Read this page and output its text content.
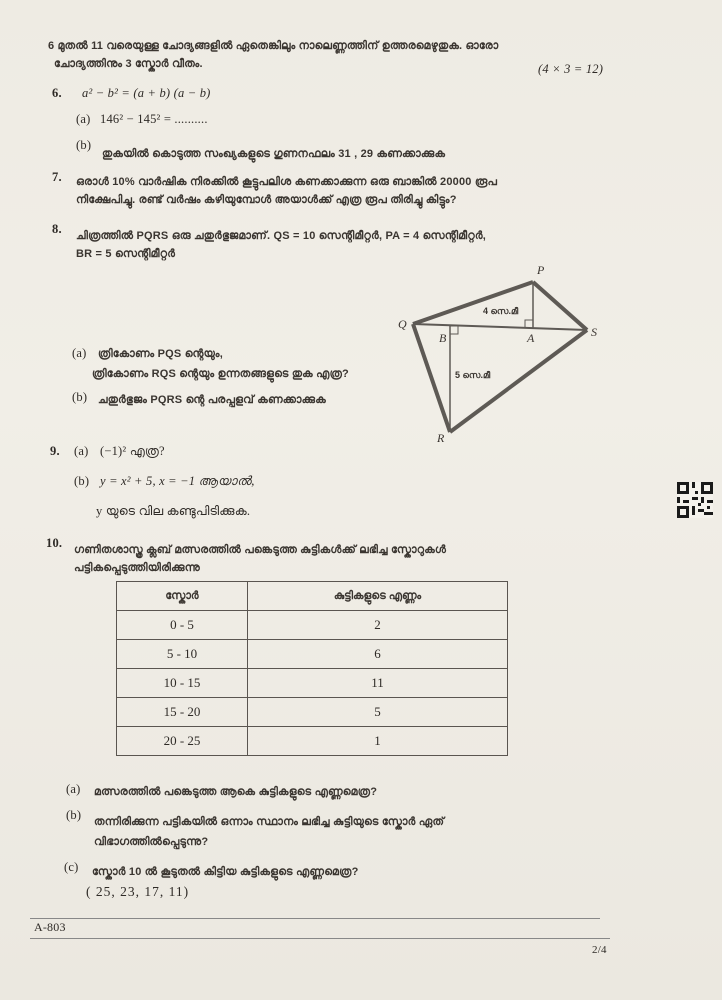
6 മുതൽ 11 വരെയുള്ള ചോദ്യങ്ങളിൽ ഏതെങ്കിലും നാലെണ്ണത്തിന് ഉത്തരമെഴുതുക. ഓരോ
ചോദ്യത്തിനും 3 സ്കോർ വീതം.	(4 × 3 = 12)
6. a² − b² = (a + b) (a − b)
(a) 146² − 145² = ..........
(b)
തുകയിൽ കൊടുത്ത സംഖ്യകളുടെ ഗുണനഫലം 31 , 29 കണക്കാക്കുക
7. ഒരാൾ 10% വാർഷിക നിരക്കിൽ കൂട്ടുപലിശ കണക്കാക്കുന്ന ഒരു ബാങ്കിൽ 20000 രൂപ
നിക്ഷേപിച്ചു. രണ്ട് വർഷം കഴിയുമ്പോൾ അയാൾക്ക് എത്ര രൂപ തിരിച്ചു കിട്ടും?
8. ചിത്രത്തിൽ PQRS ഒരു ചതുർഭുജമാണ്. QS = 10 സെന്റിമീറ്റർ, PA = 4 സെന്റിമീറ്റർ,
BR = 5 സെന്റിമീറ്റർ
(a) ത്രികോണം PQS ന്റെയും,
ത്രികോണം RQS ന്റെയും ഉന്നതങ്ങളുടെ തുക എത്ര?
(b) ചതുർഭുജം PQRS ന്റെ പരപ്പളവ് കണക്കാക്കുക
P
Q
S
R
A
B
4 സെ.മീ
5 സെ.മീ
9. (a) (−1)² എത്ര?
(b) y = x² + 5, x = −1 ആയാൽ,
y യുടെ വില കണ്ടുപിടിക്കുക.
10. ഗണിതശാസ്ത്ര ക്ലബ് മത്സരത്തിൽ പങ്കെടുത്ത കുട്ടികൾക്ക് ലഭിച്ച സ്കോറുകൾ
പട്ടികപ്പെടുത്തിയിരിക്കുന്നു
സ്കോർ	കുട്ടികളുടെ എണ്ണം
0 - 5	2
5 - 10	6
10 - 15	11
15 - 20	5
20 - 25	1
(a) മത്സരത്തിൽ പങ്കെടുത്ത ആകെ കുട്ടികളുടെ എണ്ണമെത്ര?
(b) തന്നിരിക്കുന്ന പട്ടികയിൽ ഒന്നാം സ്ഥാനം ലഭിച്ച കുട്ടിയുടെ സ്കോർ ഏത്
വിഭാഗത്തിൽപ്പെടുന്നു?
(c) സ്കോർ 10 ൽ കൂടുതൽ കിട്ടിയ കുട്ടികളുടെ എണ്ണമെത്ര?
( 25, 23, 17, 11)
A-803
2/4
